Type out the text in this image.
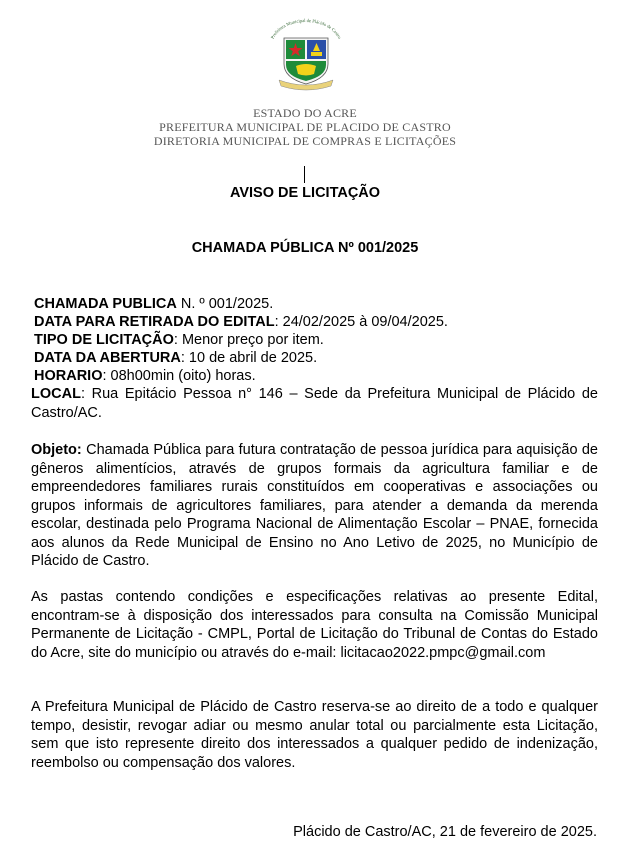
Prefeitura Municipal de Plácido de Castro
ESTADO DO ACRE
PREFEITURA MUNICIPAL DE PLACIDO DE CASTRO
DIRETORIA MUNICIPAL DE COMPRAS E LICITAÇÕES
AVISO DE LICITAÇÃO
CHAMADA PÚBLICA Nº 001/2025
CHAMADA PUBLICA N. º 001/2025.
DATA PARA RETIRADA DO EDITAL: 24/02/2025 à 09/04/2025.
TIPO DE LICITAÇÃO: Menor preço por item.
DATA DA ABERTURA: 10 de abril de 2025.
HORARIO: 08h00min (oito) horas.
LOCAL: Rua Epitácio Pessoa n° 146 – Sede da Prefeitura Municipal de Plácido de Castro/AC.
Objeto: Chamada Pública para futura contratação de pessoa jurídica para aquisição de gêneros alimentícios, através de grupos formais da agricultura familiar e de empreendedores familiares rurais constituídos em cooperativas e associações ou grupos informais de agricultores familiares, para atender a demanda da merenda escolar, destinada pelo Programa Nacional de Alimentação Escolar – PNAE, fornecida aos alunos da Rede Municipal de Ensino no Ano Letivo de 2025, no Município de Plácido de Castro.
As pastas contendo condições e especificações relativas ao presente Edital, encontram-se à disposição dos interessados para consulta na Comissão Municipal Permanente de Licitação - CMPL, Portal de Licitação do Tribunal de Contas do Estado do Acre, site do município ou através do e-mail: licitacao2022.pmpc@gmail.com
A Prefeitura Municipal de Plácido de Castro reserva-se ao direito de a todo e qualquer tempo, desistir, revogar adiar ou mesmo anular total ou parcialmente esta Licitação, sem que isto represente direito dos interessados a qualquer pedido de indenização, reembolso ou compensação dos valores.
Plácido de Castro/AC, 21 de fevereiro de 2025.
